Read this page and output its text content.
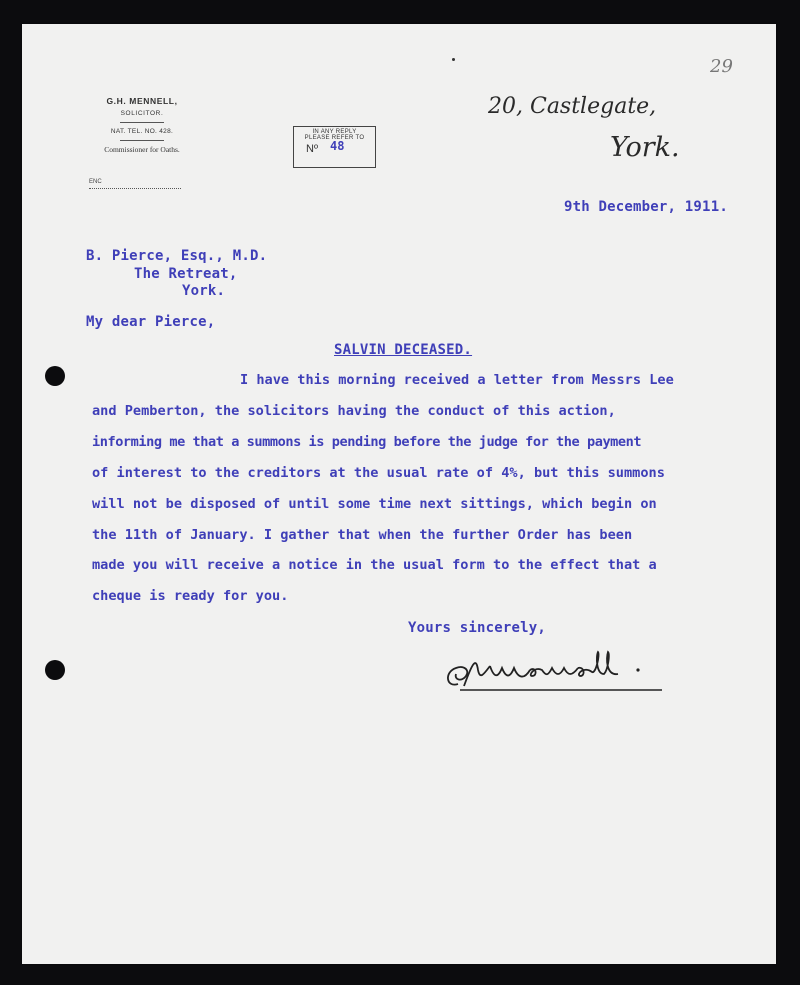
G.H. MENNELL,
SOLICITOR.
NAT. TEL. NO. 428.
Commissioner for Oaths.
ENC
IN ANY REPLY
PLEASE REFER TO
Nº 48
29
20, Castlegate,
York.
9th December, 1911.
B. Pierce, Esq., M.D.
The Retreat,
York.
My dear Pierce,
SALVIN DECEASED.
I have this morning received a letter from Messrs Lee
and Pemberton, the solicitors having the conduct of this action,
informing me that a summons is pending before the judge for the payment
of interest to the creditors at the usual rate of 4%, but this summons
will not be disposed of until some time next sittings, which begin on
the 11th of January. I gather that when the further Order has been
made you will receive a notice in the usual form to the effect that a
cheque is ready for you.
Yours sincerely,
